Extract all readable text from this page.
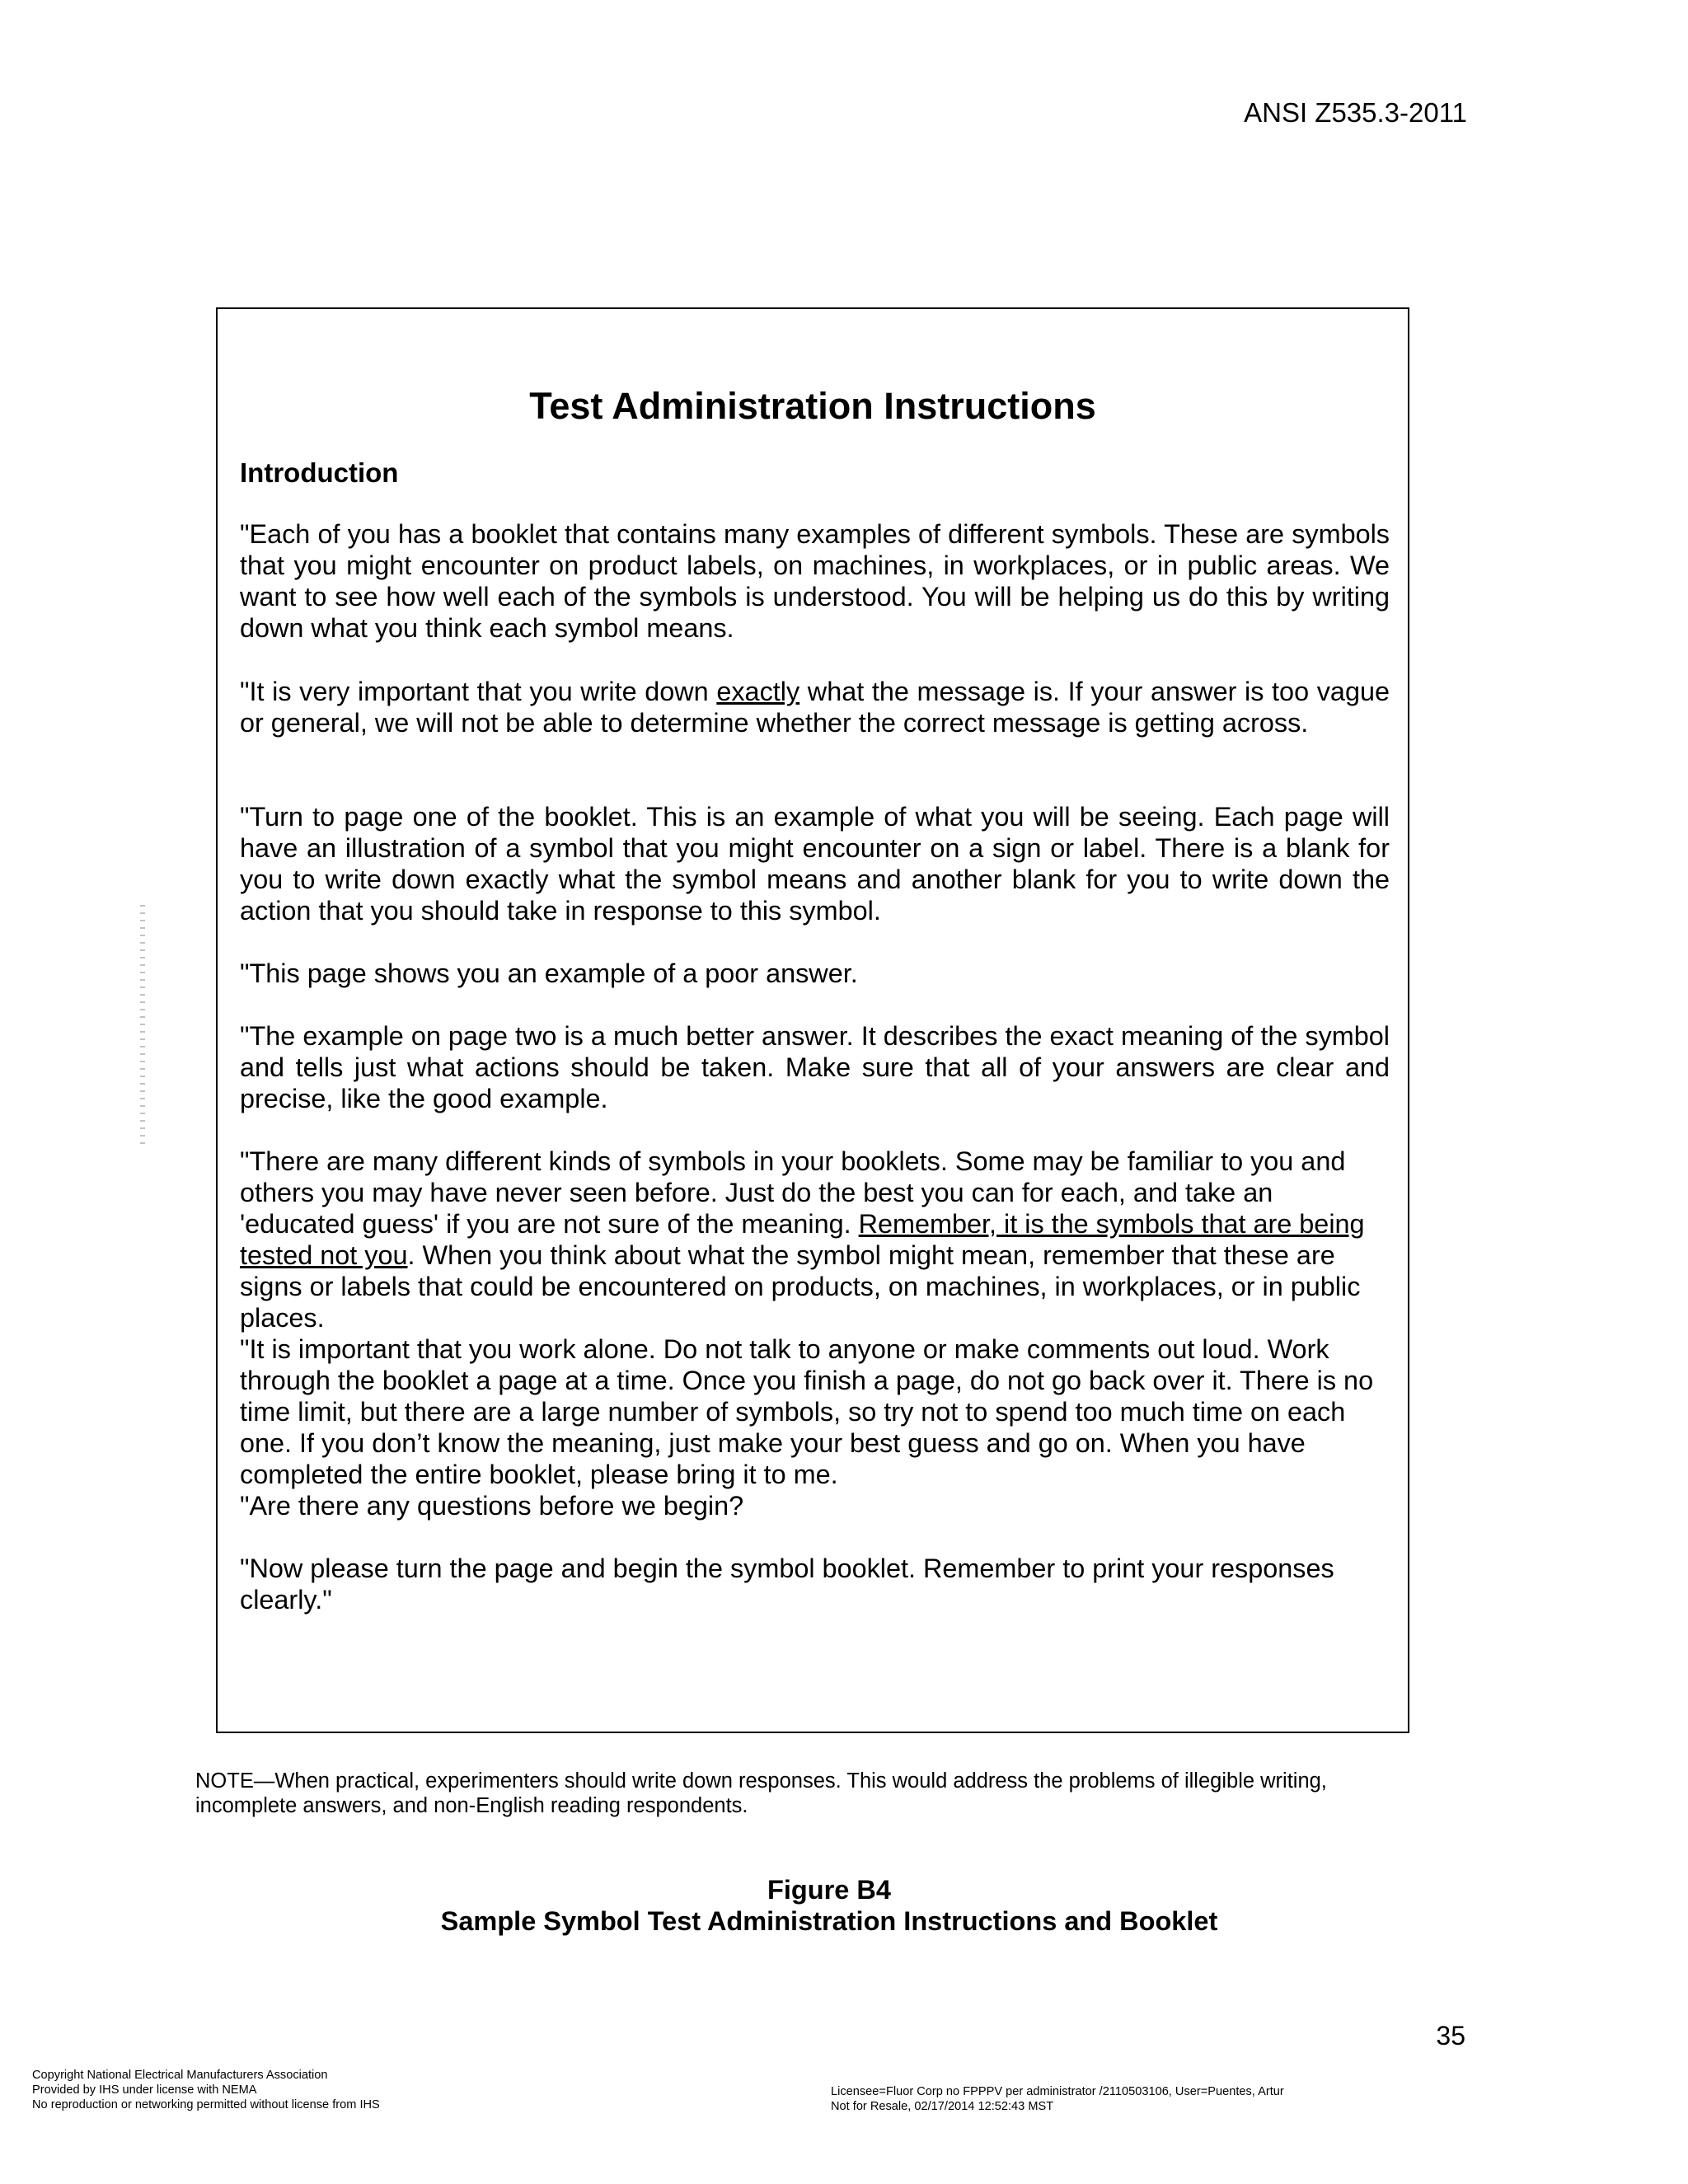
ANSI Z535.3-2011
Test Administration Instructions
Introduction

"Each of you has a booklet that contains many examples of different symbols. These are symbols that you might encounter on product labels, on machines, in workplaces, or in public areas. We want to see how well each of the symbols is understood. You will be helping us do this by writing down what you think each symbol means.

"It is very important that you write down exactly what the message is. If your answer is too vague or general, we will not be able to determine whether the correct message is getting across.

"Turn to page one of the booklet. This is an example of what you will be seeing. Each page will have an illustration of a symbol that you might encounter on a sign or label. There is a blank for you to write down exactly what the symbol means and another blank for you to write down the action that you should take in response to this symbol.

"This page shows you an example of a poor answer.

"The example on page two is a much better answer. It describes the exact meaning of the symbol and tells just what actions should be taken. Make sure that all of your answers are clear and precise, like the good example.

"There are many different kinds of symbols in your booklets. Some may be familiar to you and others you may have never seen before. Just do the best you can for each, and take an 'educated guess' if you are not sure of the meaning. Remember, it is the symbols that are being tested not you. When you think about what the symbol might mean, remember that these are signs or labels that could be encountered on products, on machines, in workplaces, or in public places.

"It is important that you work alone. Do not talk to anyone or make comments out loud. Work through the booklet a page at a time. Once you finish a page, do not go back over it. There is no time limit, but there are a large number of symbols, so try not to spend too much time on each one. If you don’t know the meaning, just make your best guess and go on. When you have completed the entire booklet, please bring it to me.

"Are there any questions before we begin?

"Now please turn the page and begin the symbol booklet. Remember to print your responses clearly."

NOTE—When practical, experimenters should write down responses. This would address the problems of illegible writing, incomplete answers, and non-English reading respondents.

Figure B4
Sample Symbol Test Administration Instructions and Booklet
35
Copyright National Electrical Manufacturers Association
Provided by IHS under license with NEMA
No reproduction or networking permitted without license from IHS
Licensee=Fluor Corp no FPPPV per administrator /2110503106, User=Puentes, Artur
Not for Resale, 02/17/2014 12:52:43 MST
